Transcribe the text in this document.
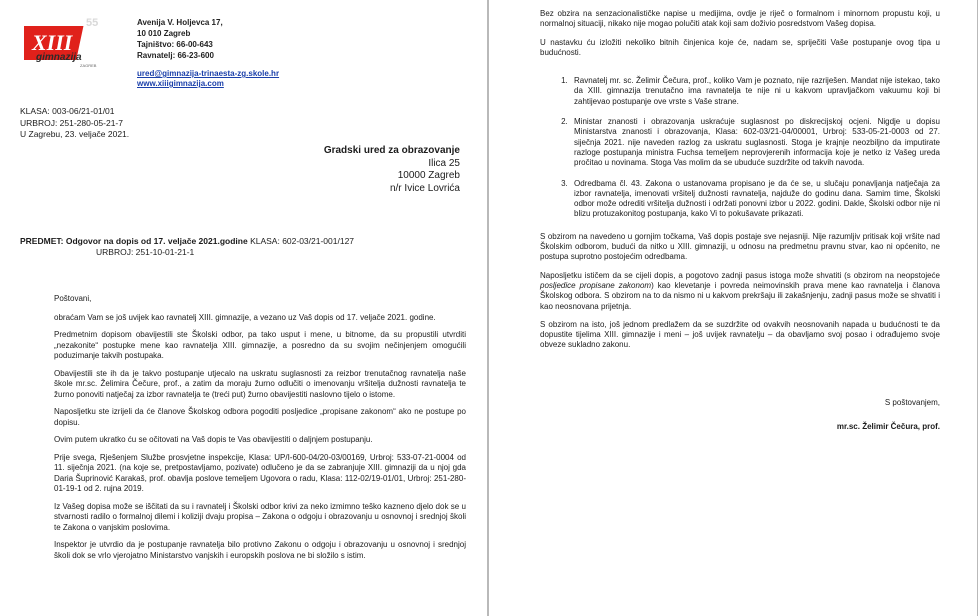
XIII
55
gimnazija
ZAGREB
Avenija V. Holjevca 17,
10 010 Zagreb
Tajništvo: 66-00-643
Ravnatelj: 66-23-600
ured@gimnazija-trinaesta-zg.skole.hr
www.xiiigimnazija.com
KLASA: 003-06/21-01/01
URBROJ: 251-280-05-21-7
U Zagrebu, 23. veljače 2021.
Gradski ured za obrazovanje
Ilica 25
10000 Zagreb
n/r Ivice Lovrića
PREDMET: Odgovor na dopis od 17. veljače 2021.godine KLASA: 602-03/21-001/127
URBROJ: 251-10-01-21-1

Poštovani,

obraćam Vam se još uvijek kao ravnatelj XIII. gimnazije, a vezano uz Vaš dopis od 17. veljače 2021. godine.

Predmetnim dopisom obavijestili ste Školski odbor, pa tako usput i mene, u bitnome, da su propustili utvrditi „nezakonite“ postupke mene kao ravnatelja XIII. gimnazije, a posredno da su svojim nečinjenjem omogućili poduzimanje takvih postupaka.

Obavijestili ste ih da je takvo postupanje utjecalo na uskratu suglasnosti za reizbor trenutačnog ravnatelja naše škole mr.sc. Želimira Čečure, prof., a zatim da moraju žurno odlučiti o imenovanju vršitelja dužnosti ravnatelja te žurno ponoviti natječaj za izbor ravnatelja te (treći put) žurno obavijestiti naslovno tijelo o istome.

Naposljetku ste izrijeli da će članove Školskog odbora pogoditi posljedice „propisane zakonom“ ako ne postupe po dopisu.

Ovim putem ukratko ću se očitovati na Vaš dopis te Vas obavijestiti o daljnjem postupanju.

Prije svega, Rješenjem Službe prosvjetne inspekcije, Klasa: UP/I-600-04/20-03/00169, Urbroj: 533-07-21-0004 od 11. siječnja 2021. (na koje se, pretpostavljamo, pozivate) odlučeno je da se zabranjuje XIII. gimnaziji da u njoj gda Daria Šuprinović Karakaš, prof. obavlja poslove temeljem Ugovora o radu, Klasa: 112-02/19-01/01, Urbroj: 251-280-01-19-1 od 2. rujna 2019.

Iz Vašeg dopisa može se iščitati da su i ravnatelj i Školski odbor krivi za neko izmimno teško kazneno djelo dok se u stvarnosti radilo o formalnoj dilemi i koliziji dvaju propisa – Zakona o odgoju i obrazovanju u osnovnoj i srednjoj školi te Zakona o vanjskim poslovima.

Inspektor je utvrdio da je postupanje ravnatelja bilo protivno Zakonu o odgoju i obrazovanju u osnovnoj i srednjoj školi dok se vrlo vjerojatno Ministarstvo vanjskih i europskih poslova ne bi složilo s istim.

Bez obzira na senzacionalističke napise u medijima, ovdje je riječ o formalnom i minornom propustu koji, u normalnoj situaciji, nikako nije mogao polučiti atak koji sam doživio posredstvom Vašeg dopisa.

U nastavku ću izložiti nekoliko bitnih činjenica koje će, nadam se, spriječiti Vaše postupanje ovog tipa u budućnosti.

1. Ravnatelj mr. sc. Želimir Čečura, prof., koliko Vam je poznato, nije razriješen. Mandat nije istekao, tako da XIII. gimnazija trenutačno ima ravnatelja te nije ni u kakvom upravljačkom vakuumu koji bi zahtijevao postupanje ove vrste s Vaše strane.
2. Ministar znanosti i obrazovanja uskraćuje suglasnost po diskrecijskoj ocjeni. Nigdje u dopisu Ministarstva znanosti i obrazovanja, Klasa: 602-03/21-04/00001, Urbroj: 533-05-21-0003 od 27. siječnja 2021. nije naveden razlog za uskratu suglasnosti. Stoga je krajnje neozbiljno da imputirate razloge postupanja ministra Fuchsa temeljem neprovjerenih informacija koje je netko iz Vašeg ureda pročitao u novinama. Stoga Vas molim da se ubuduće suzdržite od takvih navoda.
3. Odredbama čl. 43. Zakona o ustanovama propisano je da će se, u slučaju ponavljanja natječaja za izbor ravnatelja, imenovati vršitelj dužnosti ravnatelja, najduže do godinu dana. Samim time, Školski odbor može odrediti vršitelja dužnosti i održati ponovni izbor u 2022. godini. Dakle, Školski odbor nije ni blizu protuzakonitog postupanja, kako Vi to pokušavate prikazati.

S obzirom na navedeno u gornjim točkama, Vaš dopis postaje sve nejasniji. Nije razumljiv pritisak koji vršite nad Školskim odborom, budući da nitko u XIII. gimnaziji, u odnosu na predmetnu pravnu stvar, kao ni općenito, ne postupa suprotno postojećim odredbama.

Naposljetku ističem da se cijeli dopis, a pogotovo zadnji pasus istoga može shvatiti (s obzirom na neopstojeće posljedice propisane zakonom) kao klevetanje i povreda neimovinskih prava mene kao ravnatelja i članova Školskog odbora. S obzirom na to da nismo ni u kakvom prekršaju ili zakašnjenju, zadnji pasus može se shvatiti i kao neosnovana prijetnja.

S obzirom na isto, još jednom predlažem da se suzdržite od ovakvih neosnovanih napada u budućnosti te da dopustite tijelima XIII. gimnazije i meni – još uvijek ravnatelju – da obavljamo svoj posao i odrađujemo svoje obveze sukladno zakonu.

S poštovanjem,
mr.sc. Želimir Čečura, prof.
